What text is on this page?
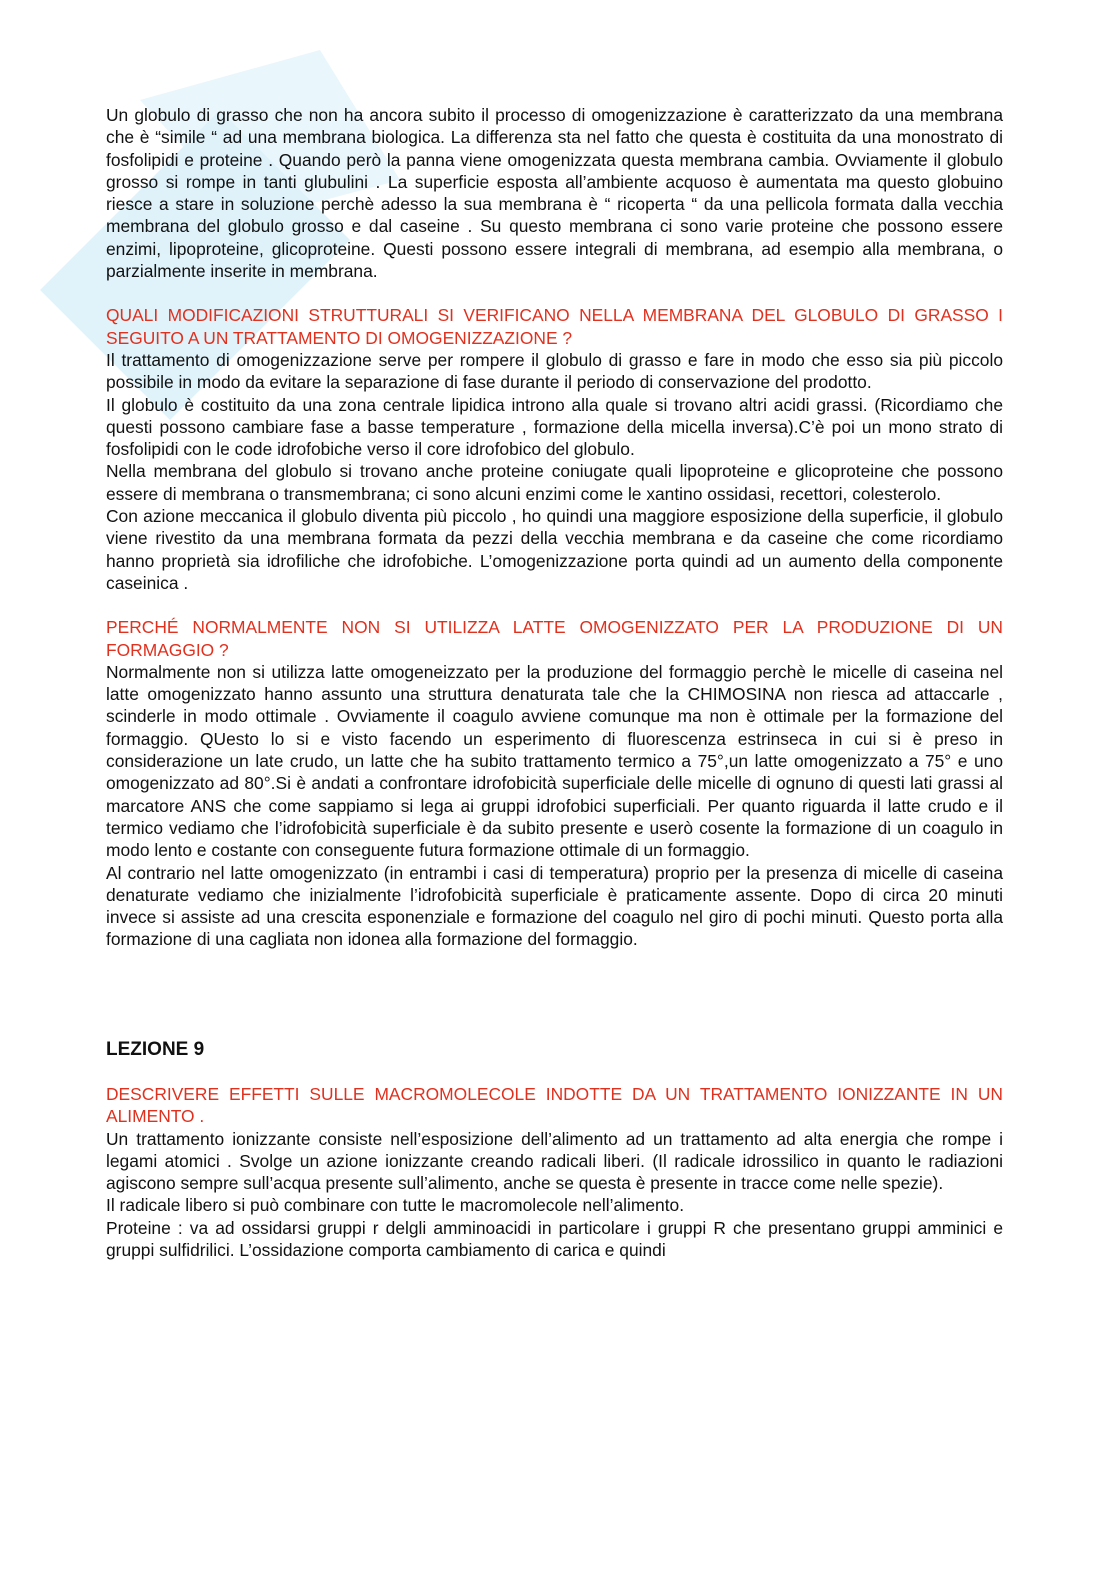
Un globulo di grasso che non ha ancora subito il processo di omogenizzazione è caratterizzato da una membrana che è “simile “ ad una membrana biologica. La differenza sta nel fatto che questa è costituita da una monostrato di fosfolipidi e proteine . Quando però la panna viene omogenizzata questa membrana cambia. Ovviamente il globulo grosso si rompe in tanti glubulini . La superficie esposta all’ambiente acquoso è aumentata ma questo globuino riesce a stare in soluzione perchè adesso la sua membrana è “ ricoperta “ da una pellicola formata dalla vecchia membrana del globulo grosso e dal caseine . Su questo membrana ci sono varie proteine che possono essere enzimi, lipoproteine, glicoproteine. Questi possono essere integrali di membrana, ad esempio alla membrana, o parzialmente inserite in membrana.

QUALI MODIFICAZIONI STRUTTURALI SI VERIFICANO NELLA MEMBRANA DEL GLOBULO DI GRASSO I SEGUITO A UN TRATTAMENTO DI OMOGENIZZAZIONE ?

Il trattamento di omogenizzazione serve per rompere il globulo di grasso e fare in modo che esso sia più piccolo possibile in modo da evitare la separazione di fase durante il periodo di conservazione del prodotto.

Il globulo è costituito da una zona centrale lipidica introno alla quale si trovano altri acidi grassi. (Ricordiamo che questi possono cambiare fase a basse temperature , formazione della micella inversa).C’è poi un mono strato di fosfolipidi con le code idrofobiche verso il core idrofobico del globulo.

Nella membrana del globulo si trovano anche proteine coniugate quali lipoproteine e glicoproteine che possono essere di membrana o transmembrana; ci sono alcuni enzimi come le xantino ossidasi, recettori, colesterolo.

Con azione meccanica il globulo diventa più piccolo , ho quindi una maggiore esposizione della superficie, il globulo viene rivestito da una membrana formata da pezzi della vecchia membrana e da caseine che come ricordiamo hanno proprietà sia idrofiliche che idrofobiche. L’omogenizzazione porta quindi ad un aumento della componente caseinica .

PERCHÉ NORMALMENTE NON SI UTILIZZA LATTE OMOGENIZZATO PER LA PRODUZIONE DI UN FORMAGGIO ?

Normalmente non si utilizza latte omogeneizzato per la produzione del formaggio perchè le micelle di caseina nel latte omogenizzato hanno assunto una struttura denaturata tale che la CHIMOSINA non riesca ad attaccarle , scinderle in modo ottimale . Ovviamente il coagulo avviene comunque ma non è ottimale per la formazione del formaggio. QUesto lo si e visto facendo un esperimento di fluorescenza estrinseca in cui si è preso in considerazione un late crudo, un latte che ha subito trattamento termico a 75°,un latte omogenizzato a 75° e uno omogenizzato ad 80°.Si è andati a confrontare idrofobicità superficiale delle micelle di ognuno di questi lati grassi al marcatore ANS che come sappiamo si lega ai gruppi idrofobici superficiali. Per quanto riguarda il latte crudo e il termico vediamo che l’idrofobicità superficiale è da subito presente e userò cosente la formazione di un coagulo in modo lento e costante con conseguente futura formazione ottimale di un formaggio.

Al contrario nel latte omogenizzato (in entrambi i casi di temperatura) proprio per la presenza di micelle di caseina denaturate vediamo che inizialmente l’idrofobicità superficiale è praticamente assente. Dopo di circa 20 minuti invece si assiste ad una crescita esponenziale e formazione del coagulo nel giro di pochi minuti. Questo porta alla formazione di una cagliata non idonea alla formazione del formaggio.

LEZIONE 9

DESCRIVERE EFFETTI SULLE MACROMOLECOLE INDOTTE DA UN TRATTAMENTO IONIZZANTE IN UN ALIMENTO .

Un trattamento ionizzante consiste nell’esposizione dell’alimento ad un trattamento ad alta energia che rompe i legami atomici . Svolge un azione ionizzante creando radicali liberi. (Il radicale idrossilico in quanto le radiazioni agiscono sempre sull’acqua presente sull’alimento, anche se questa è presente in tracce come nelle spezie).

Il radicale libero si può combinare con tutte le macromolecole nell’alimento.

Proteine : va ad ossidarsi gruppi r delgli amminoacidi in particolare i gruppi R che presentano gruppi amminici e gruppi sulfidrilici. L’ossidazione comporta cambiamento di carica e quindi
